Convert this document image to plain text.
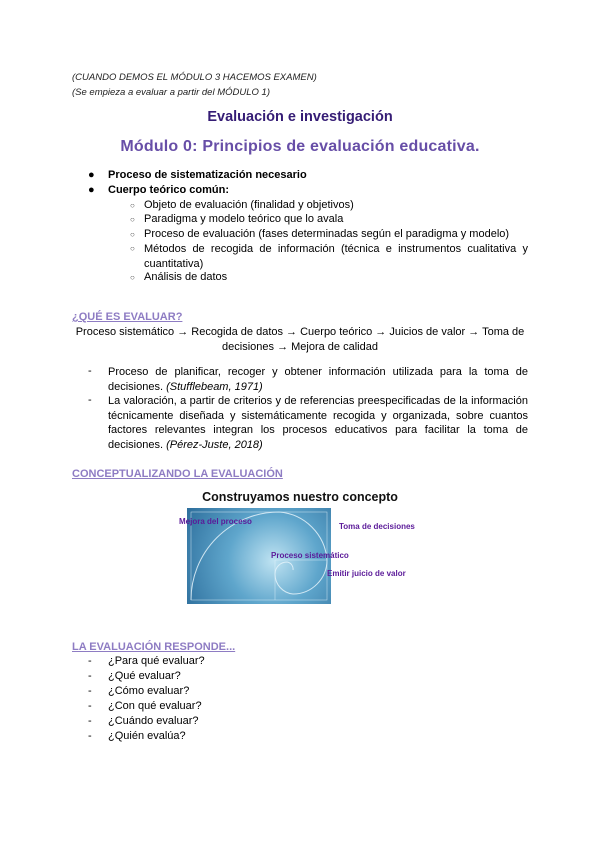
(CUANDO DEMOS EL MÓDULO 3 HACEMOS EXAMEN)
(Se empieza a evaluar a partir del MÓDULO 1)
Evaluación e investigación
Módulo 0: Principios de evaluación educativa.
● Proceso de sistematización necesario
● Cuerpo teórico común:
○ Objeto de evaluación (finalidad y objetivos)
○ Paradigma y modelo teórico que lo avala
○ Proceso de evaluación (fases determinadas según el paradigma y modelo)
○ Métodos de recogida de información (técnica e instrumentos cualitativa y cuantitativa)
○ Análisis de datos
¿QUÉ ES EVALUAR?
Proceso sistemático → Recogida de datos → Cuerpo teórico → Juicios de valor → Toma de decisiones → Mejora de calidad
- Proceso de planificar, recoger y obtener información utilizada para la toma de decisiones. (Stufflebeam, 1971)
- La valoración, a partir de criterios y de referencias preespecificadas de la información técnicamente diseñada y sistemáticamente recogida y organizada, sobre cuantos factores relevantes integran los procesos educativos para facilitar la toma de decisiones. (Pérez-Juste, 2018)
CONCEPTUALIZANDO LA EVALUACIÓN
Construyamos nuestro concepto
Mejora del proceso
Toma de decisiones
Proceso sistemático
Emitir juicio de valor
LA EVALUACIÓN RESPONDE...
- ¿Para qué evaluar?
- ¿Qué evaluar?
- ¿Cómo evaluar?
- ¿Con qué evaluar?
- ¿Cuándo evaluar?
- ¿Quién evalúa?
